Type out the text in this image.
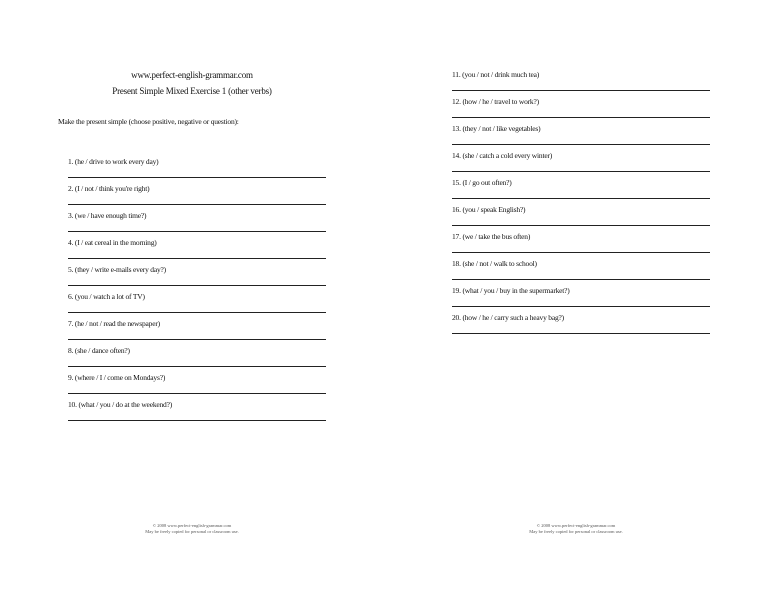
www.perfect-english-grammar.com
Present Simple Mixed Exercise 1 (other verbs)
Make the present simple (choose positive, negative or question):
1. (he / drive to work every day)
2. (I / not / think you're right)
3. (we / have enough time?)
4. (I / eat cereal in the morning)
5. (they / write e-mails every day?)
6. (you / watch a lot of TV)
7. (he / not / read the newspaper)
8. (she / dance often?)
9. (where / I / come on Mondays?)
10. (what / you / do at the weekend?)
© 2008 www.perfect-english-grammar.com
May be freely copied for personal or classroom use.
11. (you / not / drink much tea)
12. (how / he / travel to work?)
13. (they / not / like vegetables)
14. (she / catch a cold every winter)
15. (I / go out often?)
16. (you / speak English?)
17. (we / take the bus often)
18. (she / not / walk to school)
19. (what / you / buy in the supermarket?)
20. (how / he / carry such a heavy bag?)
© 2008 www.perfect-english-grammar.com
May be freely copied for personal or classroom use.
